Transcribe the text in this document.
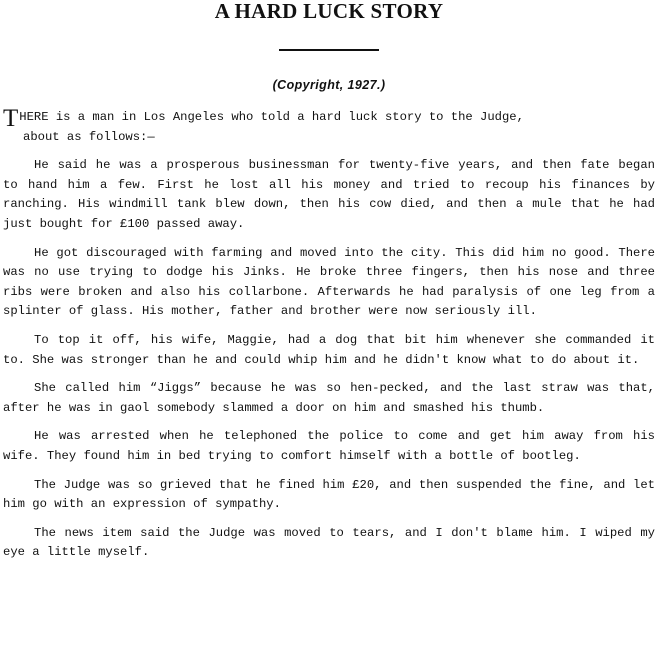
A HARD LUCK STORY
(Copyright, 1927.)

THERE is a man in Los Angeles who told a hard luck story to the Judge,
about as follows:—

He said he was a prosperous businessman for twenty-five years, and then fate began to hand him a few. First he lost all his money and tried to recoup his finances by ranching. His windmill tank blew down, then his cow died, and then a mule that he had just bought for £100 passed away.

He got discouraged with farming and moved into the city. This did him no good. There was no use trying to dodge his Jinks. He broke three fingers, then his nose and three ribs were broken and also his collarbone. Afterwards he had paralysis of one leg from a splinter of glass. His mother, father and brother were now seriously ill.

To top it off, his wife, Maggie, had a dog that bit him whenever she commanded it to. She was stronger than he and could whip him and he didn't know what to do about it.

She called him “Jiggs” because he was so hen-pecked, and the last straw was that, after he was in gaol somebody slammed a door on him and smashed his thumb.

He was arrested when he telephoned the police to come and get him away from his wife. They found him in bed trying to comfort himself with a bottle of bootleg.

The Judge was so grieved that he fined him £20, and then suspended the fine, and let him go with an expression of sympathy.

The news item said the Judge was moved to tears, and I don't blame him. I wiped my eye a little myself.
